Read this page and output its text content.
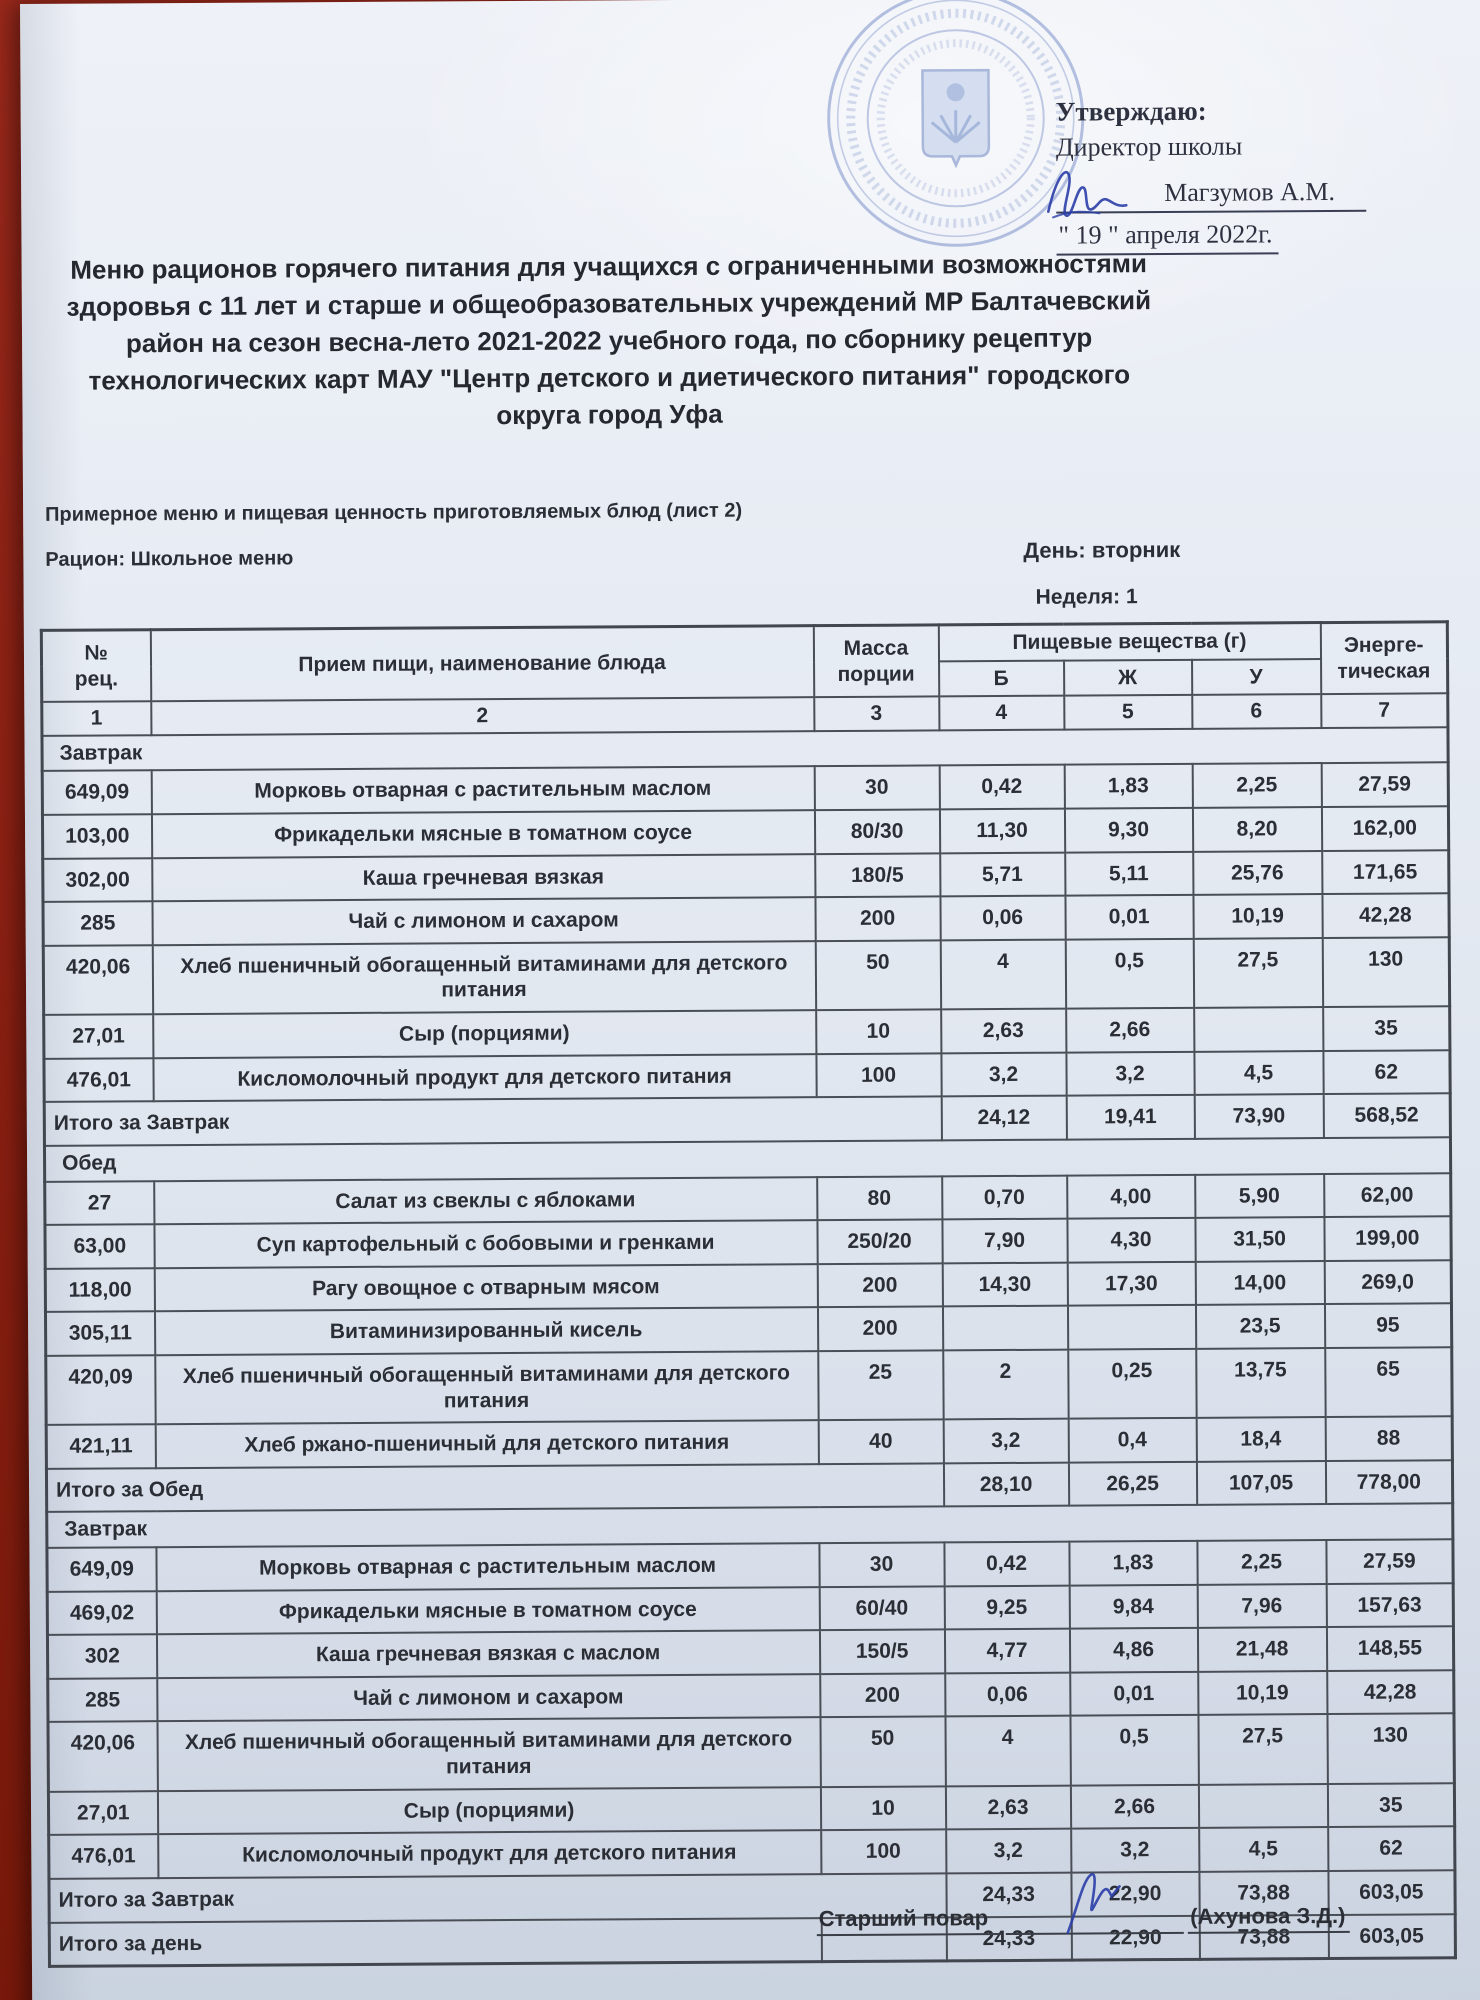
Утверждаю:
Директор школы
Магзумов А.М.
" 19 " апреля 2022г.
Меню рационов горячего питания для учащихся с ограниченными возможностями здоровья с 11 лет и старше и общеобразовательных учреждений МР Балтачевский район на сезон весна-лето 2021-2022 учебного года, по сборнику рецептур технологических карт МАУ "Центр детского и диетического питания" городского округа город Уфа
Примерное меню и пищевая ценность приготовляемых блюд (лист 2)
Рацион: Школьное меню	День: вторник
Неделя: 1
№
рец.
	Прием пищи, наименование блюда	
Масса
порции
	Пищевые вещества (г)	Энерге-
тическая

			Б	Ж	У	
1	2	3	4	5	6	7
Завтрак						
649,09	Морковь отварная с растительным маслом	30	0,42	1,83	2,25	27,59
103,00	Фрикадельки мясные в томатном соусе	80/30	11,30	9,30	8,20	162,00
302,00	Каша гречневая вязкая	180/5	5,71	5,11	25,76	171,65
285	Чай с лимоном и сахаром	200	0,06	0,01	10,19	42,28
420,06	Хлеб пшеничный обогащенный витаминами для детского питания	50	4	0,5	27,5	130
27,01	Сыр (порциями)	10	2,63	2,66		35
476,01	Кисломолочный продукт для детского питания	100	3,2	3,2	4,5	62
Итого за Завтрак			24,12	19,41	73,90	568,52
Обед						
27	Салат из свеклы с яблоками	80	0,70	4,00	5,90	62,00
63,00	Суп картофельный с бобовыми и гренками	250/20	7,90	4,30	31,50	199,00
118,00	Рагу овощное с отварным мясом	200	14,30	17,30	14,00	269,0
305,11	Витаминизированный кисель	200			23,5	95
420,09	Хлеб пшеничный обогащенный витаминами для детского питания	25	2	0,25	13,75	65
421,11	Хлеб ржано-пшеничный для детского питания	40	3,2	0,4	18,4	88
Итого за Обед			28,10	26,25	107,05	778,00
Завтрак						
649,09	Морковь отварная с растительным маслом	30	0,42	1,83	2,25	27,59
469,02	Фрикадельки мясные в томатном соусе	60/40	9,25	9,84	7,96	157,63
302	Каша гречневая вязкая с маслом	150/5	4,77	4,86	21,48	148,55
285	Чай с лимоном и сахаром	200	0,06	0,01	10,19	42,28
420,06	Хлеб пшеничный обогащенный витаминами для детского питания	50	4	0,5	27,5	130
27,01	Сыр (порциями)	10	2,63	2,66		35
476,01	Кисломолочный продукт для детского питания	100	3,2	3,2	4,5	62
Итого за Завтрак			24,33	22,90	73,88	603,05
Итого за день			24,33	22,90	73,88	603,05
Старший повар	(Ахунова З.Д.)
